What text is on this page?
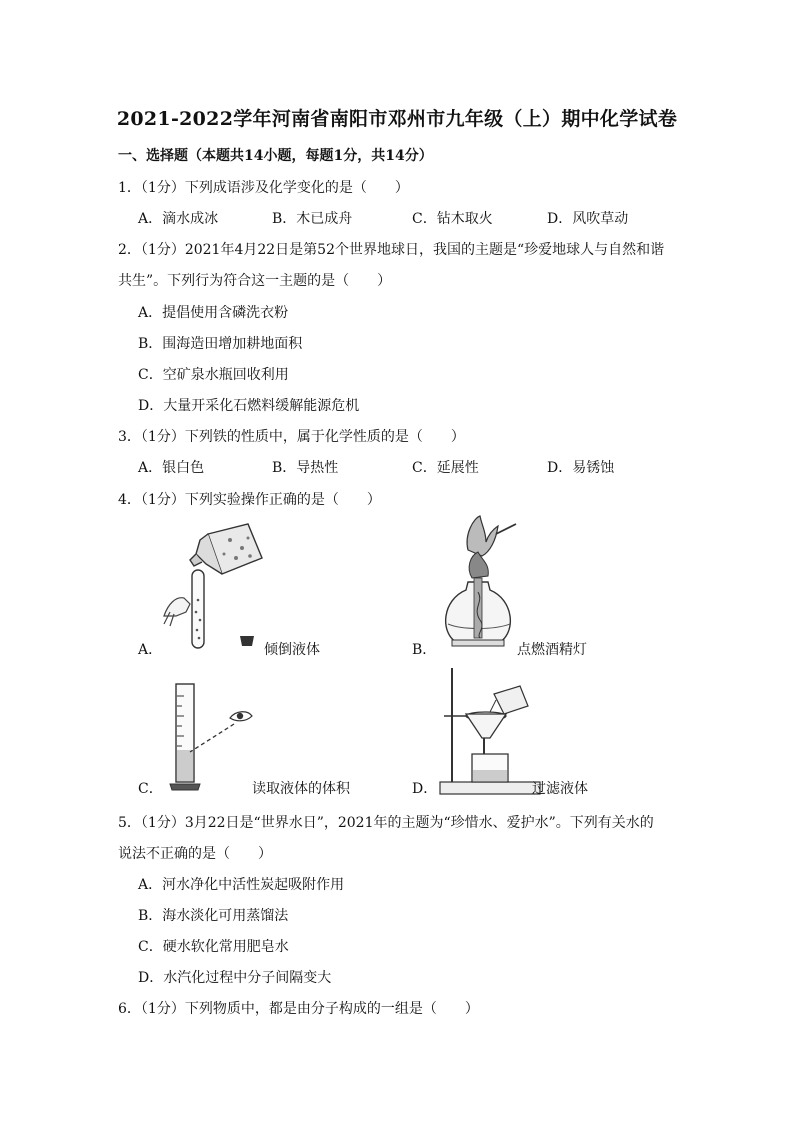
2021-2022学年河南省南阳市邓州市九年级（上）期中化学试卷
一、选择题（本题共14小题，每题1分，共14分）
1．（1分）下列成语涉及化学变化的是（　　）
A．滴水成冰	B．木已成舟	C．钻木取火	D．风吹草动
2．（1分）2021年4月22日是第52个世界地球日，我国的主题是“珍爱地球人与自然和谐
共生”。下列行为符合这一主题的是（　　）
A．提倡使用含磷洗衣粉
B．围海造田增加耕地面积
C．空矿泉水瓶回收利用
D．大量开采化石燃料缓解能源危机
3．（1分）下列铁的性质中，属于化学性质的是（　　）
A．银白色	B．导热性	C．延展性	D．易锈蚀
4．（1分）下列实验操作正确的是（　　）
A．	倾倒液体	B．	点燃酒精灯
C．	读取液体的体积	D．	过滤液体
5．（1分）3月22日是“世界水日”，2021年的主题为“珍惜水、爱护水”。下列有关水的
说法不正确的是（　　）
A．河水净化中活性炭起吸附作用
B．海水淡化可用蒸馏法
C．硬水软化常用肥皂水
D．水汽化过程中分子间隔变大
6．（1分）下列物质中，都是由分子构成的一组是（　　）
